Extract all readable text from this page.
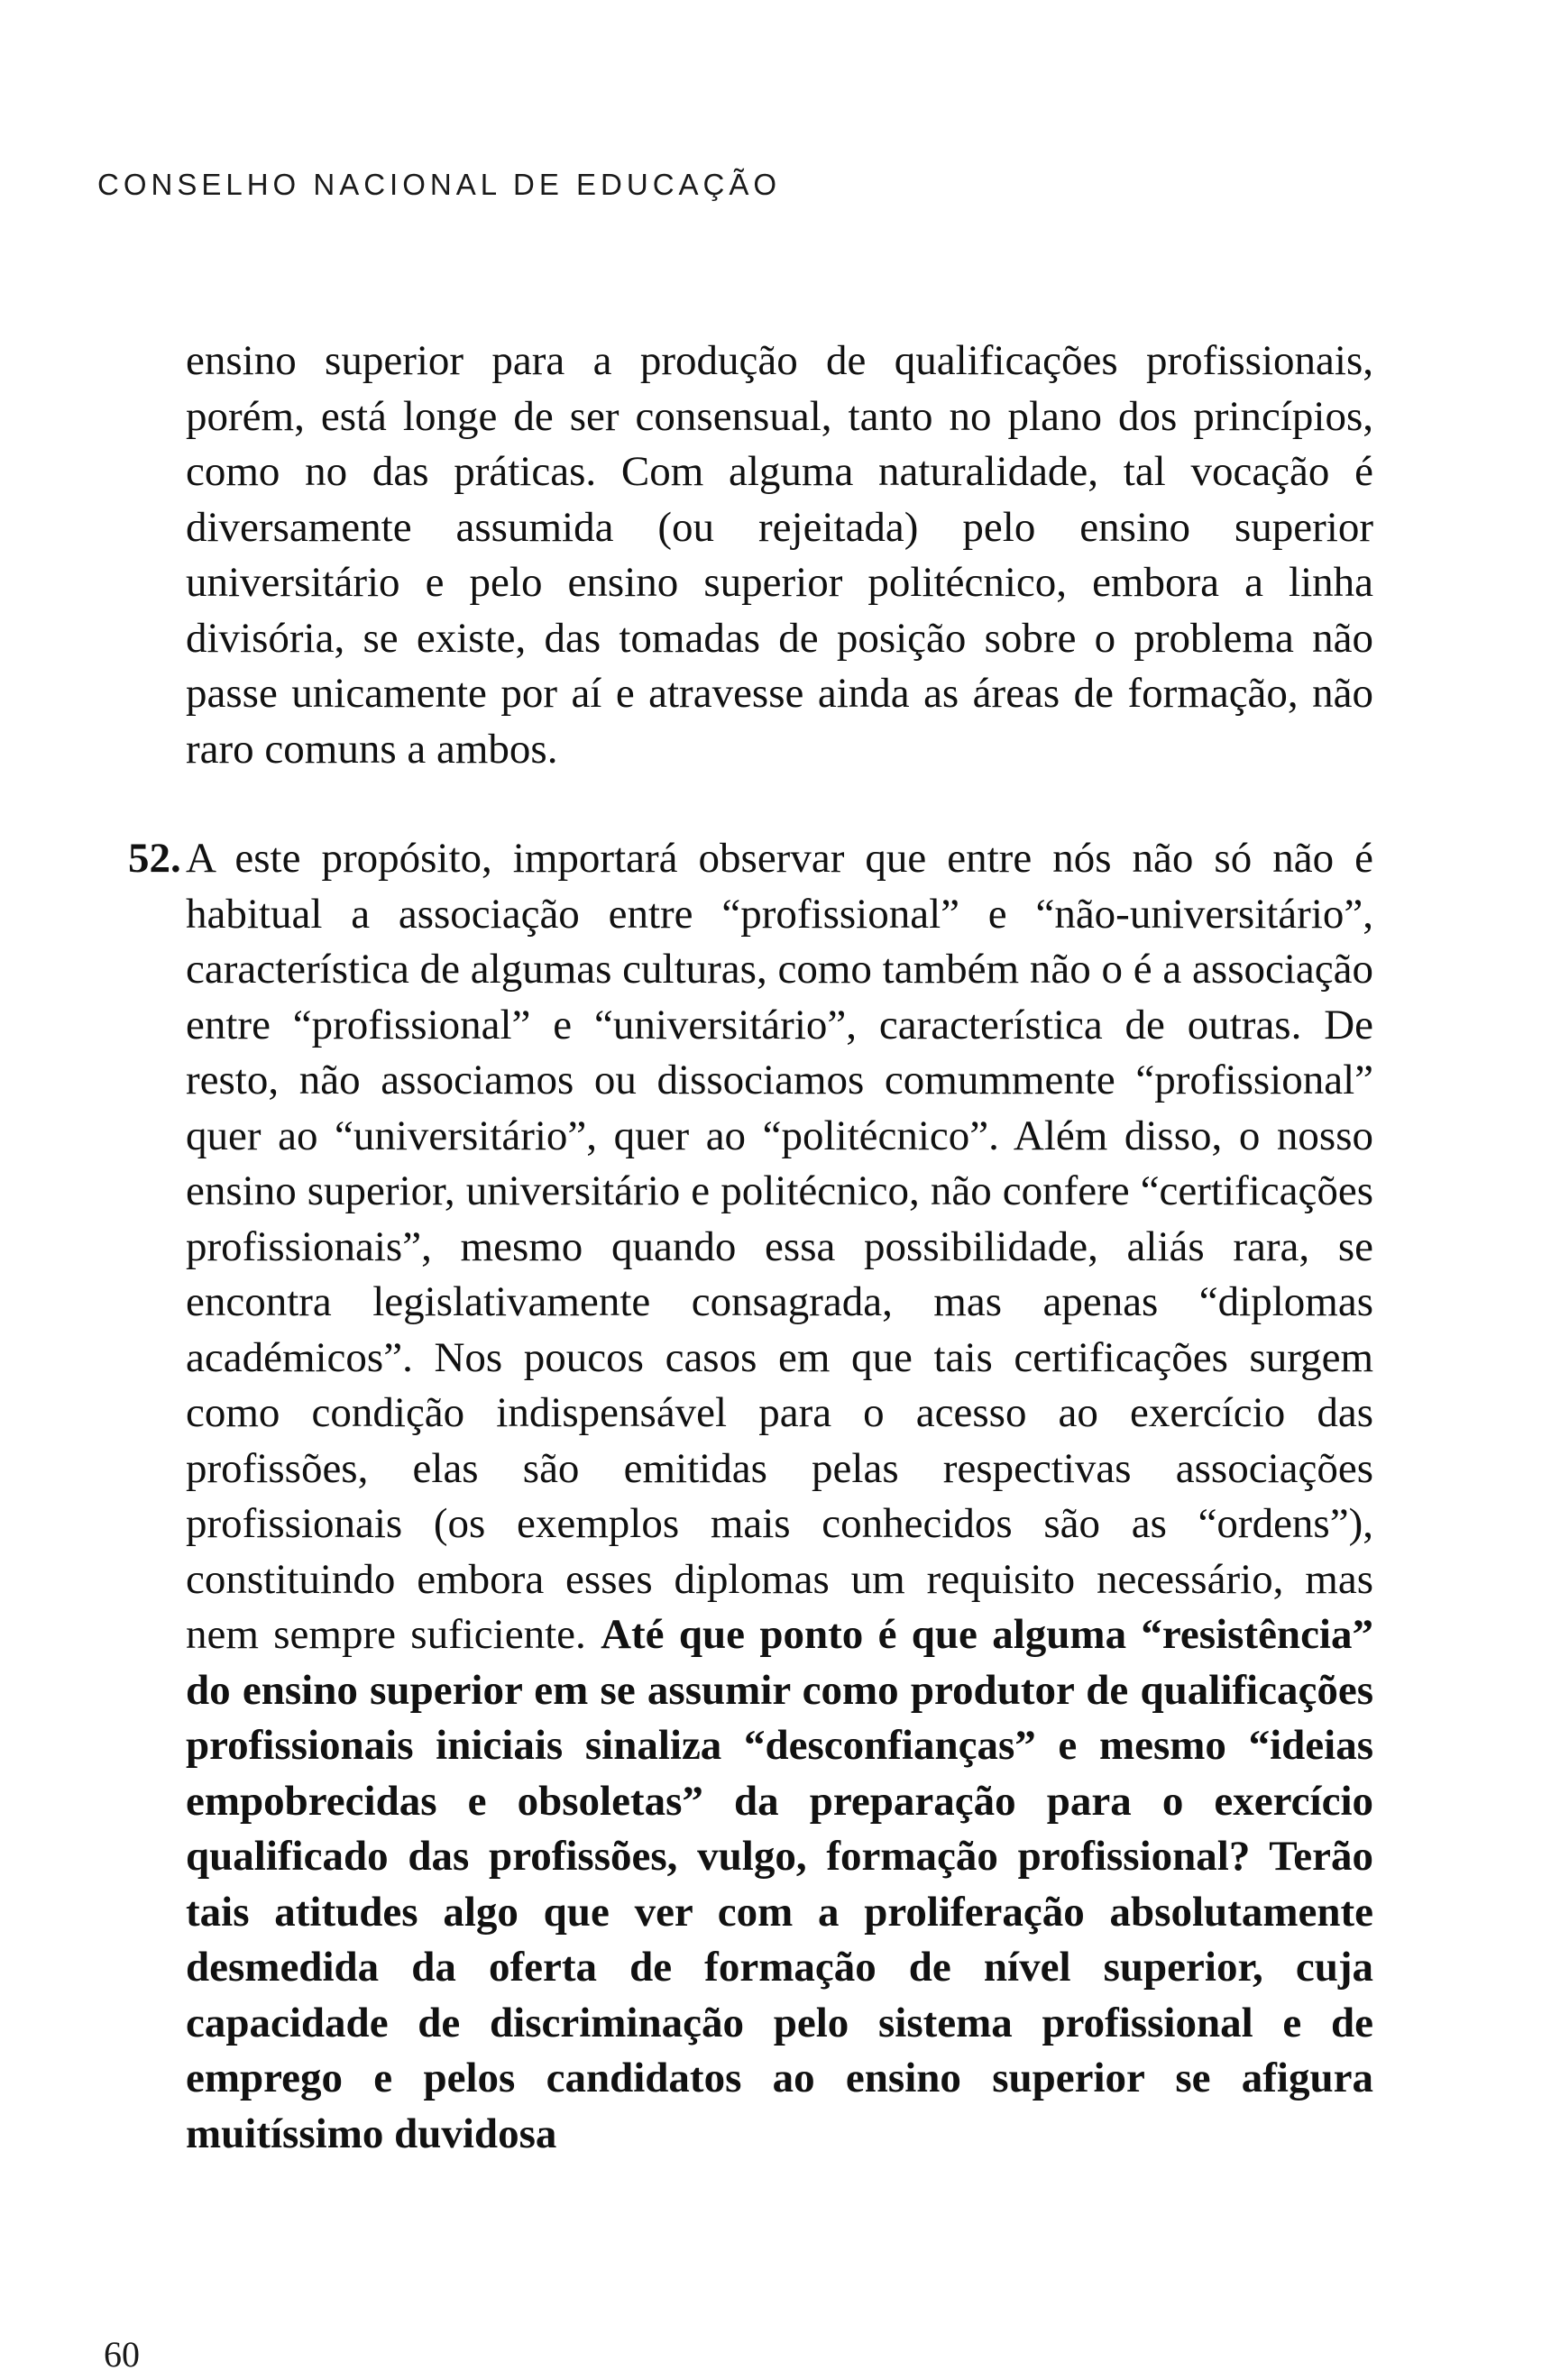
CONSELHO NACIONAL DE EDUCAÇÃO
ensino superior para a produção de qualificações profissionais, porém, está longe de ser consensual, tanto no plano dos princípios, como no das práticas. Com alguma naturalidade, tal vocação é diversamente assumida (ou rejeitada) pelo ensino superior universitário e pelo ensino superior politécnico, embora a linha divisória, se existe, das tomadas de posição sobre o problema não passe unicamente por aí e atravesse ainda as áreas de formação, não raro comuns a ambos.
52. A este propósito, importará observar que entre nós não só não é habitual a associação entre “profissional” e “não-universitário”, característica de algumas culturas, como também não o é a associação entre “profissional” e “universitário”, característica de outras. De resto, não associamos ou dissociamos comummente “profissional” quer ao “universitário”, quer ao “politécnico”. Além disso, o nosso ensino superior, universitário e politécnico, não confere “certificações profissionais”, mesmo quando essa possibilidade, aliás rara, se encontra legislativamente consagrada, mas apenas “diplomas académicos”. Nos poucos casos em que tais certificações surgem como condição indispensável para o acesso ao exercício das profissões, elas são emitidas pelas respectivas associações profissionais (os exemplos mais conhecidos são as “ordens”), constituindo embora esses diplomas um requisito necessário, mas nem sempre suficiente. Até que ponto é que alguma “resistência” do ensino superior em se assumir como produtor de qualificações profissionais iniciais sinaliza “desconfianças” e mesmo “ideias empobrecidas e obsoletas” da preparação para o exercício qualificado das profissões, vulgo, formação profissional? Terão tais atitudes algo que ver com a proliferação absolutamente desmedida da oferta de formação de nível superior, cuja capacidade de discriminação pelo sistema profissional e de emprego e pelos candidatos ao ensino superior se afigura muitíssimo duvidosa
60
